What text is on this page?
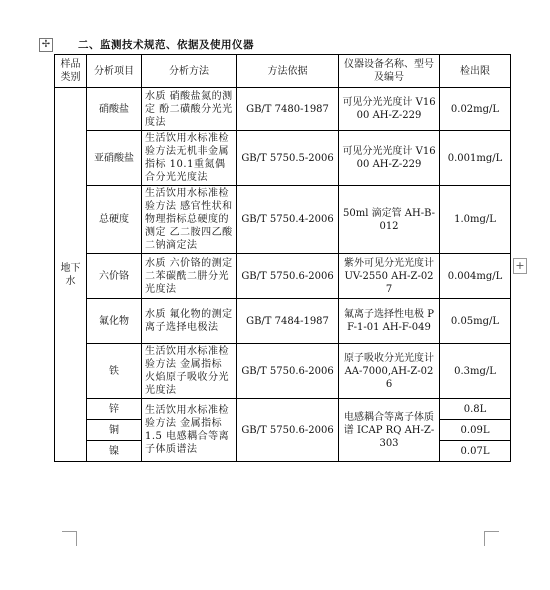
✢	二、监测技术规范、依据及使用仪器
样品类别	分析项目	分析方法	方法依据	仪器设备名称、型号及编号	检出限
地下水	硝酸盐	水质 硝酸盐氮的测定 酚二磺酸分光光度法	GB/T 7480-1987	可见分光光度计 V1600 AH-Z-229	0.02mg/L
	亚硝酸盐	生活饮用水标准检验方法无机非金属指标 10.1重氮偶合分光光度法	GB/T 5750.5-2006	可见分光光度计 V1600 AH-Z-229	0.001mg/L
	总硬度	生活饮用水标准检验方法 感官性状和物理指标总硬度的测定 乙二胺四乙酸二钠滴定法	GB/T 5750.4-2006	50ml 滴定管 AH-B-012	1.0mg/L
	六价铬	水质 六价铬的测定 二苯碳酰二肼分光光度法	GB/T 5750.6-2006	紫外可见分光光度计 UV-2550 AH-Z-027	0.004mg/L
	氟化物	水质 氟化物的测定 离子选择电极法	GB/T 7484-1987	氟离子选择性电极 PF-1-01 AH-F-049	0.05mg/L
	铁	生活饮用水标准检验方法 金属指标 火焰原子吸收分光光度法	GB/T 5750.6-2006	原子吸收分光光度计 AA-7000,AH-Z-026	0.3mg/L
	锌	生活饮用水标准检验方法 金属指标 1.5 电感耦合等离子体质谱法	GB/T 5750.6-2006	电感耦合等离子体质谱 ICAP RQ AH-Z-303	0.8L
	铜				0.09L
	镍				0.07L
+
